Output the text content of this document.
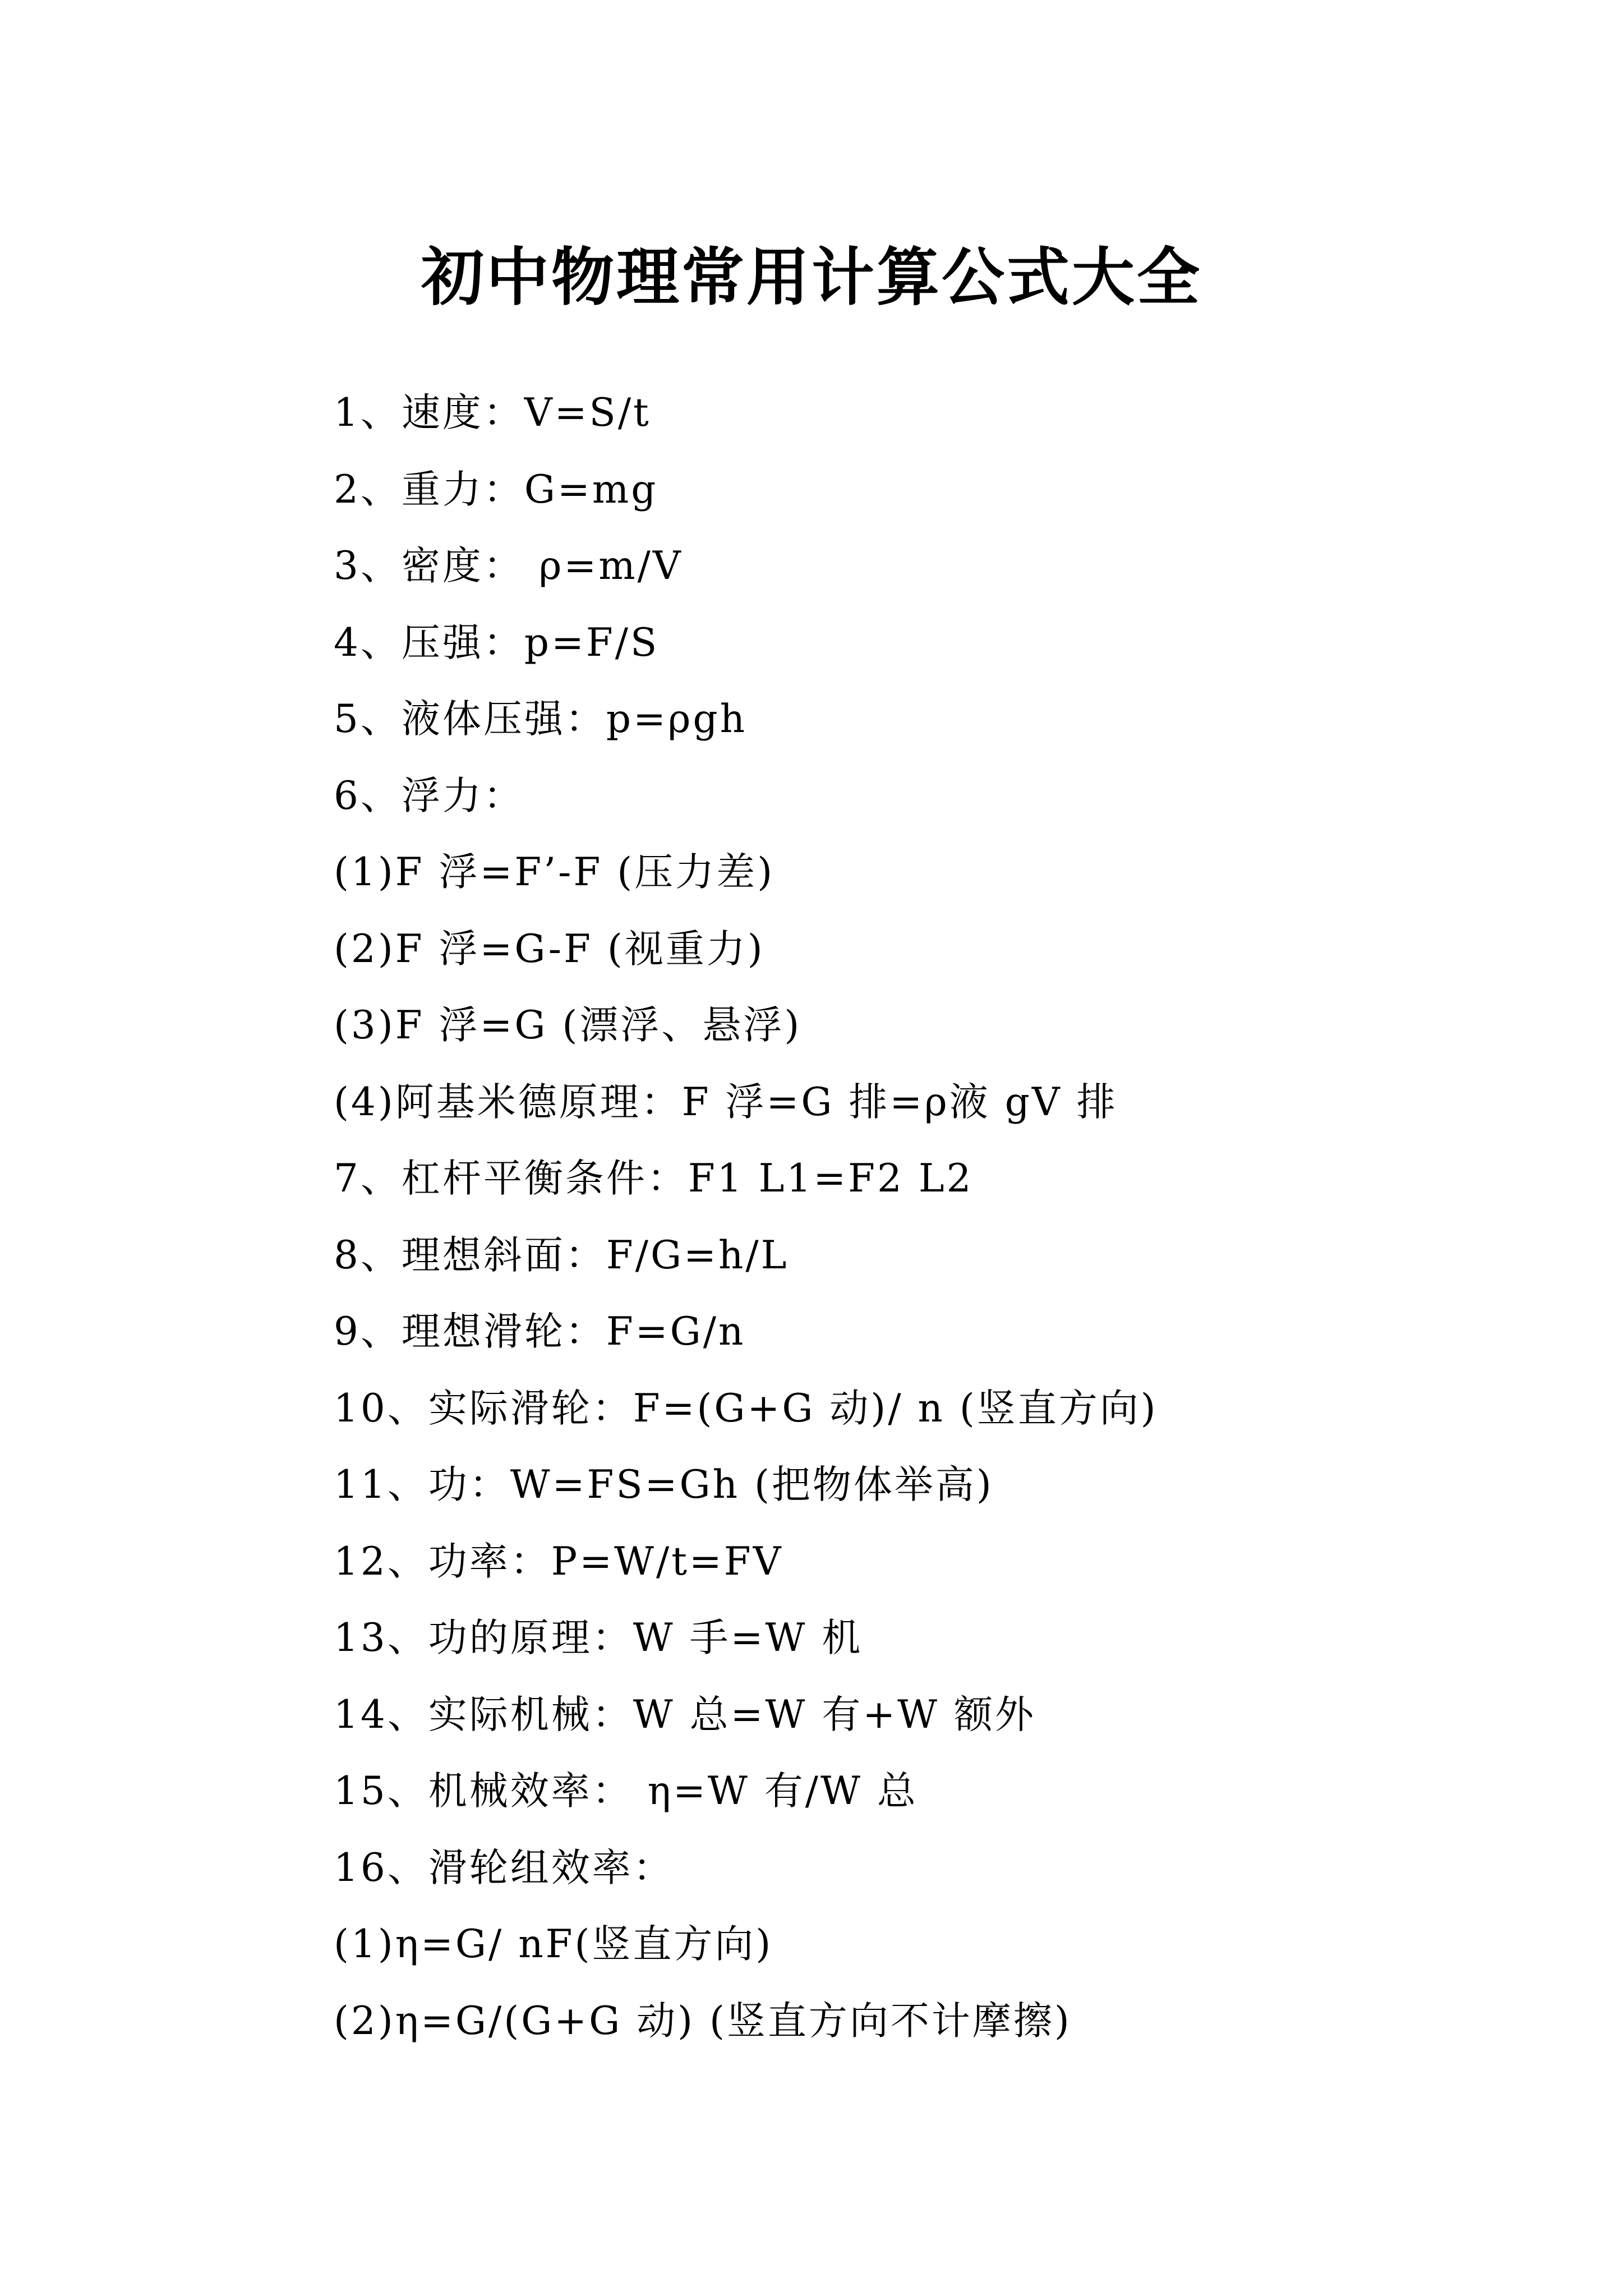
初中物理常用计算公式大全
1、速度：V=S/t
2、重力：G=mg
3、密度： ρ=m/V
4、压强：p=F/S
5、液体压强：p=ρgh
6、浮力：
(1)F 浮=F’-F (压力差)
(2)F 浮=G-F (视重力)
(3)F 浮=G (漂浮、悬浮)
(4)阿基米德原理：F 浮=G 排=ρ液 gV 排
7、杠杆平衡条件：F1 L1=F2 L2
8、理想斜面：F/G=h/L
9、理想滑轮：F=G/n
10、实际滑轮：F=(G+G 动)/ n (竖直方向)
11、功：W=FS=Gh (把物体举高)
12、功率：P=W/t=FV
13、功的原理：W 手=W 机
14、实际机械：W 总=W 有+W 额外
15、机械效率： η=W 有/W 总
16、滑轮组效率：
(1)η=G/ nF(竖直方向)
(2)η=G/(G+G 动) (竖直方向不计摩擦)
